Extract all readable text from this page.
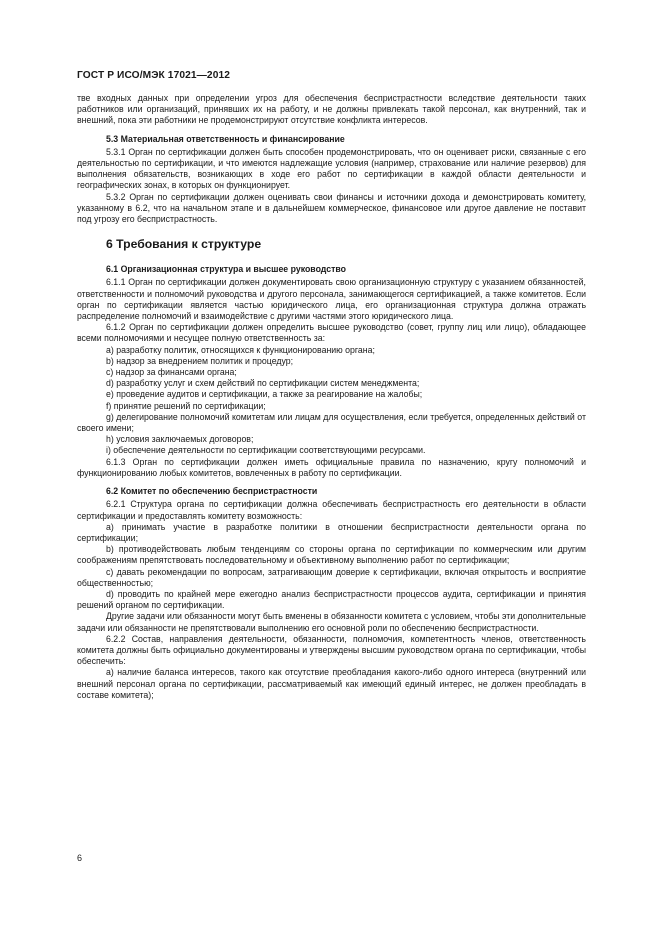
ГОСТ Р ИСО/МЭК 17021—2012

тве входных данных при определении угроз для обеспечения беспристрастности вследствие деятельности таких работников или организаций, принявших их на работу, и не должны привлекать такой персонал, как внутренний, так и внешний, пока эти работники не продемонстрируют отсутствие конфликта интересов.

5.3 Материальная ответственность и финансирование

5.3.1 Орган по сертификации должен быть способен продемонстрировать, что он оценивает риски, связанные с его деятельностью по сертификации, и что имеются надлежащие условия (например, страхование или наличие резервов) для выполнения обязательств, возникающих в ходе его работ по сертификации в каждой области деятельности и географических зонах, в которых он функционирует.

5.3.2 Орган по сертификации должен оценивать свои финансы и источники дохода и демонстрировать комитету, указанному в 6.2, что на начальном этапе и в дальнейшем коммерческое, финансовое или другое давление не поставит под угрозу его беспристрастность.

6 Требования к структуре

6.1 Организационная структура и высшее руководство

6.1.1 Орган по сертификации должен документировать свою организационную структуру с указанием обязанностей, ответственности и полномочий руководства и другого персонала, занимающегося сертификацией, а также комитетов. Если орган по сертификации является частью юридического лица, его организационная структура должна отражать распределение полномочий и взаимодействие с другими частями этого юридического лица.

6.1.2 Орган по сертификации должен определить высшее руководство (совет, группу лиц или лицо), обладающее всеми полномочиями и несущее полную ответственность за:

а) разработку политик, относящихся к функционированию органа;

b) надзор за внедрением политик и процедур;

c) надзор за финансами органа;

d) разработку услуг и схем действий по сертификации систем менеджмента;

e) проведение аудитов и сертификации, а также за реагирование на жалобы;

f) принятие решений по сертификации;

g) делегирование полномочий комитетам или лицам для осуществления, если требуется, определенных действий от своего имени;

h) условия заключаемых договоров;

i) обеспечение деятельности по сертификации соответствующими ресурсами.

6.1.3 Орган по сертификации должен иметь официальные правила по назначению, кругу полномочий и функционированию любых комитетов, вовлеченных в работу по сертификации.

6.2 Комитет по обеспечению беспристрастности

6.2.1 Структура органа по сертификации должна обеспечивать беспристрастность его деятельности в области сертификации и предоставлять комитету возможность:

а) принимать участие в разработке политики в отношении беспристрастности деятельности органа по сертификации;

b) противодействовать любым тенденциям со стороны органа по сертификации по коммерческим или другим соображениям препятствовать последовательному и объективному выполнению работ по сертификации;

c) давать рекомендации по вопросам, затрагивающим доверие к сертификации, включая открытость и восприятие общественностью;

d) проводить по крайней мере ежегодно анализ беспристрастности процессов аудита, сертификации и принятия решений органом по сертификации.

Другие задачи или обязанности могут быть вменены в обязанности комитета с условием, чтобы эти дополнительные задачи или обязанности не препятствовали выполнению его основной роли по обеспечению беспристрастности.

6.2.2 Состав, направления деятельности, обязанности, полномочия, компетентность членов, ответственность комитета должны быть официально документированы и утверждены высшим руководством органа по сертификации, чтобы обеспечить:

а) наличие баланса интересов, такого как отсутствие преобладания какого-либо одного интереса (внутренний или внешний персонал органа по сертификации, рассматриваемый как имеющий единый интерес, не должен преобладать в составе комитета);

6
